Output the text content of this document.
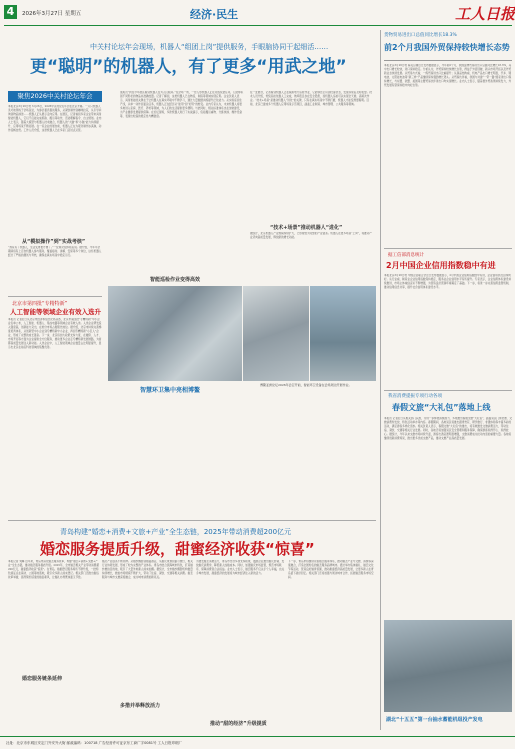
4	2026年3月27日 星期五	经济·民生	工人日报
中关村论坛年会现场，机器人“组团上岗”提供服务，手眼脑协同干起细活……
更“聪明”的机器人，有了更多“用武之地”
聚焦2026中关村论坛年会
本报北京3月26日电 3月26日，2026中关村论坛年会在北京开幕。一只只机器人灵巧地穿梭于会场各处，为参会嘉宾提供服务，从餐饮制作到咖啡拉花，从引导问询到物品递送……机器人正从展示走向应用。在展区，记者看到多家企业带来具身智能机器人，它们不仅能完成抓取、搬运等动作，还能理解指令、自主规划。业内人士表示，随着大模型与机器人技术融合，机器人的“大脑”和“小脑”能力持续提升，应用场景不断拓展。在一家企业的展台前，机器人正在为观众制作冰淇淋，动作流畅自然。工作人员介绍，这款机器人已在多家门店试点运营。
从“模拟操作”到“实战考核”
“我家有了机器人，生活变得更方便了。”一位观众在体验后说。据介绍，今年年会期间将有上百台机器人参与服务，覆盖接待、讲解、安保等多个岗位，这些机器人经过了严格的测试与考核，确保在真实场景中稳定运行。
值班员“我在今年展区看到机器人在为人们服务。”在会场一角，一台人形机器人正在完成包装任务，它能够识别不同形状的物品并准确放置。记者了解到，这类机器人已在物流、制造等领域实现应用。企业负责人表示，具身智能的关键在于让机器人在真实环境中不断学习，通过大量数据训练提升泛化能力。从实验室到生产线，从单一动作到复杂任务，机器人正在经历从“能用”到“好用”的转变。业内专家认为，未来机器人将更多地进入家庭、医疗、养老等领域，为人们的生活提供更多便利。与此同时，相关标准体系也在加快建设，为产业健康发展提供保障。在论坛现场，多款机器人进行了实战演示，包括搬运重物、分拣快递、操作设备等，表现出较高的稳定性与精准度。
在一处展台，记者看到机器人正在模拟电力巡检作业，它能够自主识别设备状态，发现异常后及时报警。技术人员介绍，传统巡检依靠人工完成，效率低且存在安全隐患，而机器人巡检可以实现全天候、高频次作业。“技术+场景”是推动机器人“进化”的关键，只有在真实场景中不断打磨，机器人才能变得更聪明。目前，北京已建成多个机器人应用场景示范项目，涵盖工业制造、城市管理、公共服务等领域。
“技术+场景”推动机器人“进化”
据统计，北京机器人产业规模持续扩大，已形成较为完整的产业链条。机器人在更多场景“上岗”，将推动产业迈向高质量发展，释放新的增长动能。
智能巡检作业变得高效
智慧环卫集中亮相博鳌
博鳌亚洲论坛2026年会召开前，智能环卫设备在会场周边开展作业。
北京市第四批“专精特新”
人工智能等领域企业有效入选升
本报讯 记者近日从北京市经济和信息化局获悉，北京市第四批“专精特新”中小企业名单公布，人工智能、机器人、集成电路等领域企业有效入选。入选企业研发投入强度高，创新能力突出，在细分市场占据领先地位。据介绍，北京市持续完善梯度培育体系，从创新型中小企业到专精特新中小企业，再到专精特新“小巨人”企业，形成了完整的成长链条。下一步，北京将加大政策支持力度，在融资、人才、市场开拓等方面为企业提供全方位服务，推动更多企业走专精特新发展道路，为首都高质量发展注入新动能。入选企业中，人工智能领域企业数量占比明显提升，显示出北京在前沿科技领域的集聚优势。
货物贸易进出口总值同比增长18.3%
前2个月我国外贸保持较快增长态势
本报北京3月26日电 海关总署近日发布数据显示，今年前2个月，我国货物贸易进出口总值同比增长18.3%，其中出口增长较快，进口保持稳定。分析认为，外贸保持较快增长态势，得益于外需回暖、新兴市场开拓以及外贸新业态快速发展。从贸易方式看，一般贸易进出口比重提升；从商品结构看，机电产品出口增长明显，汽车、锂电池、太阳能电池等“新三样”产品继续保持强劲增长势头。从贸易伙伴看，我国与共建“一带一路”国家进出口保持增长，与东盟、欧盟、美国等主要贸易伙伴进出口均实现增长。业内人士表示，随着稳外贸政策持续发力，外贸发展有望保持稳中向好态势。
据工信部消息统计
2月中国企业信用指数稳中有进
本报北京3月26日电 中国企业联合会近日发布数据显示，2月中国企业信用指数稳中有进，企业信用状况总体向好。从行业看，制造业企业信用指数保持稳定，服务业企业信用水平有所提升。专家表示，企业信用体系建设持续推进，市场主体诚信意识不断增强，为营造良好营商环境奠定了基础。下一步，将进一步完善信用监管机制，推动信用信息共享，提升社会信用体系建设水平。
我省消费提振专项行动各项
春假文旅“大礼包”落地上线
本报讯 记者近日从相关部门获悉，为进一步释放消费潜力，多地推出春假文旅“大礼包”，涵盖景区门票优惠、文旅消费券发放、特色活动举办等内容。春假期间，各地景区将推出踏青赏花、研学旅行、非遗体验等丰富多彩的活动，满足游客多样化需求。相关负责人表示，春假文旅“大礼包”的推出，将有效激发文旅消费活力，带动住宿、餐饮、交通等相关行业发展。同时，各地还将加强景区安全管理和服务保障，确保游客玩得开心、玩得放心。据统计，今年以来文旅市场持续升温，游客出游意愿明显增强，文旅消费成为拉动内需的重要力量。各地将继续创新消费场景，推出更多优质文旅产品，推动文旅产业高质量发展。
湖北“十五五”第一台抽水蓄能机组投产发电
青岛构建“婚恋+消费+文旅+产业”全生态链，2025年带动消费超200亿元
婚恋服务提质升级，甜蜜经济收获“惊喜”
本报记者 刘琳 近年来，青岛市深化婚恋服务改革，构建“婚恋+消费+文旅+产业”全生态链，推动婚恋服务提质升级。2025年，全市婚恋相关产业带动消费超200亿元，甜蜜经济收获“惊喜”。在青岛，婚姻登记服务场所不断升级，一批特色颁证点在海边、公园等地落地，吸引众多新人前来登记。相关部门还推出婚俗改革举措，倡导简约适度的婚俗新风，让婚礼办得既体面又节俭。
婚恋服务链条延伸
婚庆产业链条不断延伸。从婚纱摄影到婚宴酒店，从婚庆策划到蜜月旅行，相关行业协同发展，形成了较为完整的产业体系。青岛市结合滨海城市特色，打造婚纱旅拍目的地，吸引了大量外地新人前来拍摄。据统计，全市婚纱摄影机构数量持续增长，旅拍市场规模不断扩大，带动了住宿、餐饮、交通等相关消费。婚恋服务与城市文旅深度融合，成为城市消费的新亮点。
多措并举释放活力
为激发婚恋消费活力，青岛市出台多项支持政策，鼓励企业推出婚庆套餐、发放婚庆消费券，降低新人成婚成本。同时，加强婚庆市场监管，规范市场秩序，保障消费者合法权益。业内人士表示，婚恋服务不仅关乎个人幸福，也关乎城市发展，甜蜜经济的发展将为城市经济注入新的活力。
推动“甜的经济”升级提质
下一步，青岛市将继续完善婚恋服务体系，推动婚恋产业与文旅、消费等深度融合，打造全国知名的婚恋服务品牌城市。通过举办集体婚礼、婚恋文化节等活动，营造良好婚育氛围，推动甜蜜经济高质量发展，让更多新人在青岛留下美好回忆。相关部门还将加强与周边城市合作，拓展婚恋服务市场空间。
社址：北京市东城区安定门外安外大街 邮政编码：100718 广告经营许可证京东工商广字0081号 工人日报印刷厂
